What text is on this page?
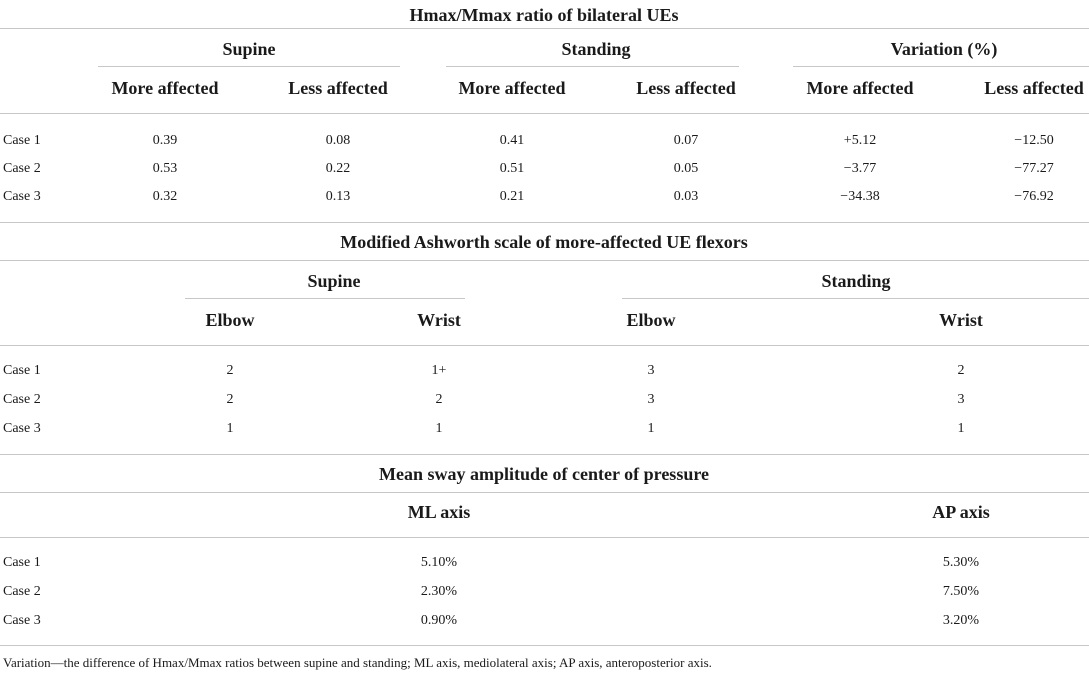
Hmax/Mmax ratio of bilateral UEs
Supine	Standing	Variation (%)
More affected	Less affected	More affected	Less affected	More affected	Less affected
Case 1	0.39	0.08	0.41	0.07	+5.12	−12.50
Case 2	0.53	0.22	0.51	0.05	−3.77	−77.27
Case 3	0.32	0.13	0.21	0.03	−34.38	−76.92
Modified Ashworth scale of more-affected UE flexors
Supine	Standing
Elbow	Wrist	Elbow	Wrist
Case 1	2	1+	3	2
Case 2	2	2	3	3
Case 3	1	1	1	1
Mean sway amplitude of center of pressure
ML axis	AP axis
Case 1	5.10%	5.30%
Case 2	2.30%	7.50%
Case 3	0.90%	3.20%
Variation—the difference of Hmax/Mmax ratios between supine and standing; ML axis, mediolateral axis; AP axis, anteroposterior axis.
